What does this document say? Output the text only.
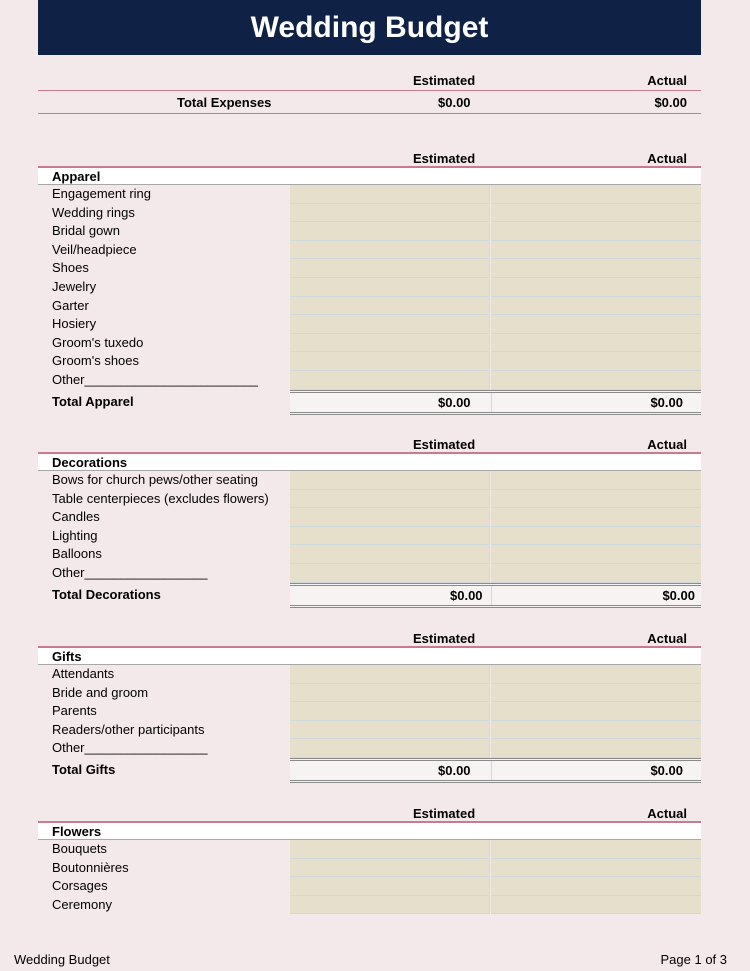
Wedding Budget
Estimated	Actual
Total Expenses	$0.00	$0.00
Estimated	Actual
Apparel
Engagement ring
Wedding rings
Bridal gown
Veil/headpiece
Shoes
Jewelry
Garter
Hosiery
Groom's tuxedo
Groom's shoes
Other________________________
Total Apparel	$0.00	$0.00
Estimated	Actual
Decorations
Bows for church pews/other seating
Table centerpieces (excludes flowers)
Candles
Lighting
Balloons
Other_________________
Total Decorations	$0.00	$0.00
Estimated	Actual
Gifts
Attendants
Bride and groom
Parents
Readers/other participants
Other_________________
Total Gifts	$0.00	$0.00
Estimated	Actual
Flowers
Bouquets
Boutonnières
Corsages
Ceremony
Wedding Budget	Page 1 of 3
